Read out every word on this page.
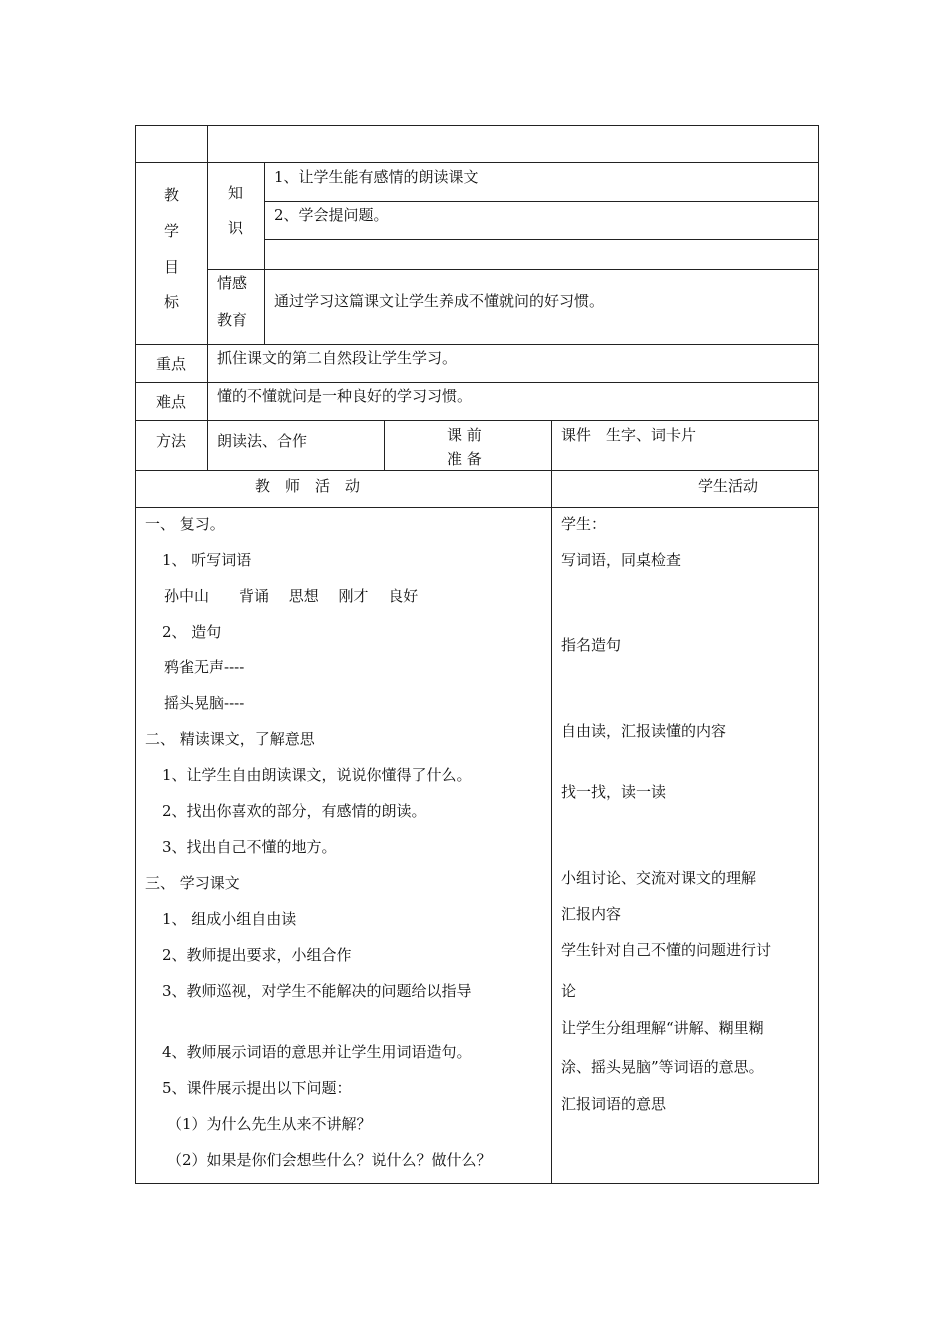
教
学
目
标
知
识
1、让学生能有感情的朗读课文
2、学会提问题。
情感
教育
通过学习这篇课文让学生养成不懂就问的好习惯。
重点 抓住课文的第二自然段让学生学习。
难点 懂的不懂就问是一种良好的学习习惯。
方法 朗读法、合作	课 前
准 备
课件　生字、词卡片
教　师　活　动	学生活动
一、 复习。
1、 听写词语
孙中山　　背诵　 思想　 刚才　 良好
2、 造句
鸦雀无声----
摇头晃脑----
二、 精读课文，了解意思
1、让学生自由朗读课文，说说你懂得了什么。
2、找出你喜欢的部分，有感情的朗读。
3、找出自己不懂的地方。
三、 学习课文
1、 组成小组自由读
2、教师提出要求，小组合作
3、教师巡视，对学生不能解决的问题给以指导
4、教师展示词语的意思并让学生用词语造句。
5、课件展示提出以下问题：
（1）为什么先生从来不讲解？
（2）如果是你们会想些什么？说什么？做什么？
学生：
写词语，同桌检查
指名造句
自由读，汇报读懂的内容
找一找，读一读
小组讨论、交流对课文的理解
汇报内容
学生针对自己不懂的问题进行讨
论
让学生分组理解“讲解、糊里糊
涂、摇头晃脑”等词语的意思。
汇报词语的意思
